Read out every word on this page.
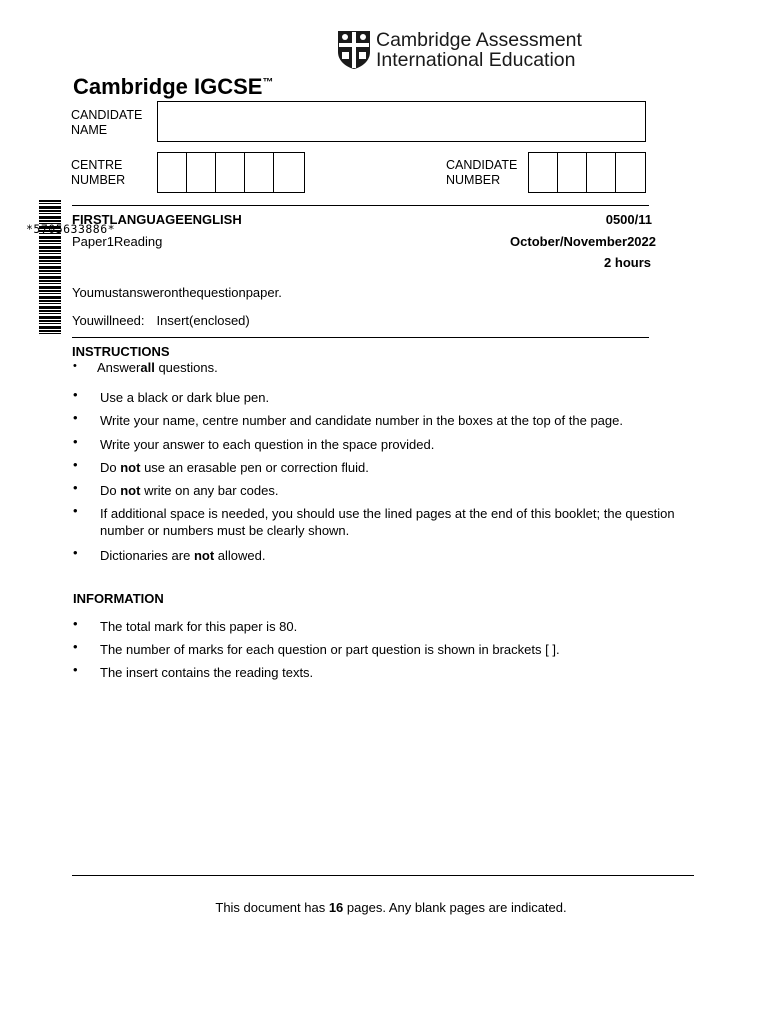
Cambridge Assessment
International Education
Cambridge IGCSE™
CANDIDATE
NAME
CENTRE
NUMBER
CANDIDATE
NUMBER
*5705633886*
FIRSTLANGUAGEENGLISH	0500/11
Paper1Reading	October/November2022
2 hours
Youmustansweronthequestionpaper.
Youwillneed: Insert(enclosed)
INSTRUCTIONS
• Answerall questions.
• Use a black or dark blue pen.
• Write your name, centre number and candidate number in the boxes at the top of the page.
• Write your answer to each question in the space provided.
• Do not use an erasable pen or correction fluid.
• Do not write on any bar codes.
• If additional space is needed, you should use the lined pages at the end of this booklet; the question number or numbers must be clearly shown.
• Dictionaries are not allowed.
INFORMATION
• The total mark for this paper is 80.
• The number of marks for each question or part question is shown in brackets [ ].
• The insert contains the reading texts.
This document has 16 pages. Any blank pages are indicated.
